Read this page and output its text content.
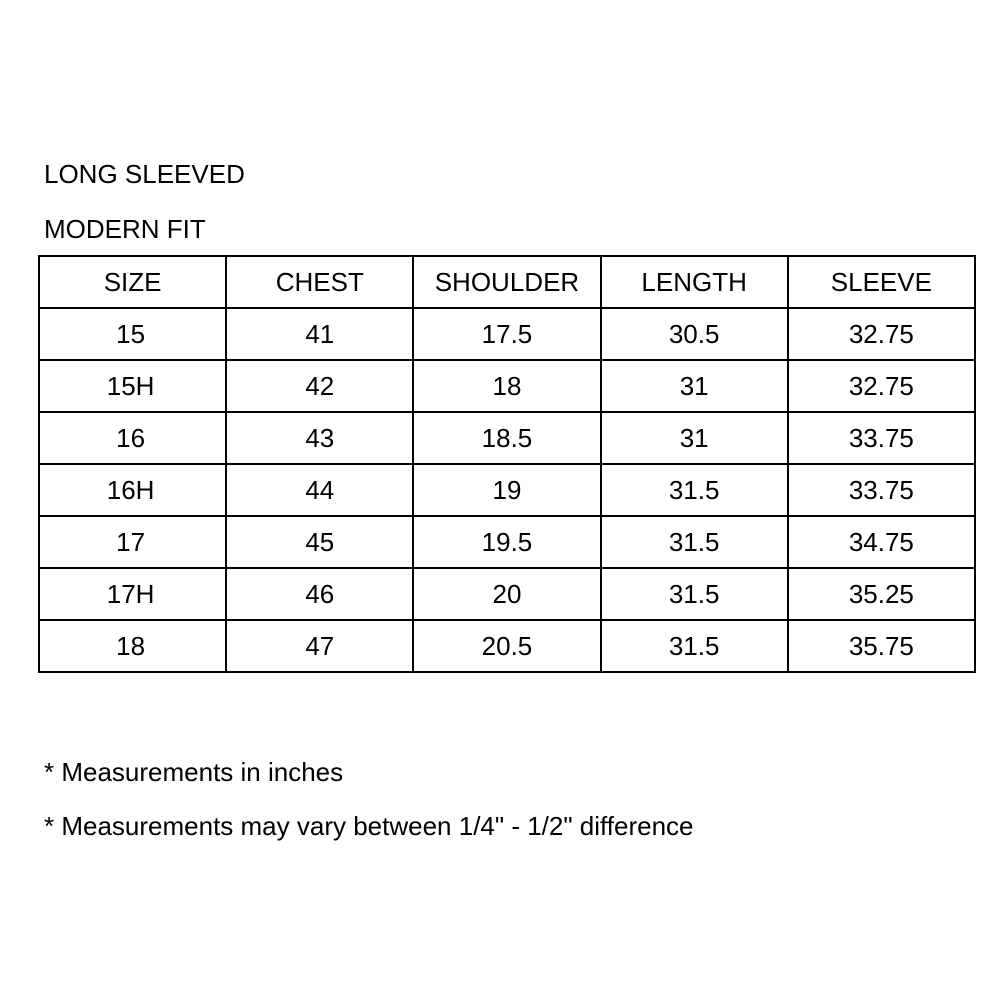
LONG SLEEVED
MODERN FIT
SIZE	CHEST	SHOULDER	LENGTH	SLEEVE
15	41	17.5	30.5	32.75
15H	42	18	31	32.75
16	43	18.5	31	33.75
16H	44	19	31.5	33.75
17	45	19.5	31.5	34.75
17H	46	20	31.5	35.25
18	47	20.5	31.5	35.75
* Measurements in inches
* Measurements may vary between 1/4" - 1/2" difference
